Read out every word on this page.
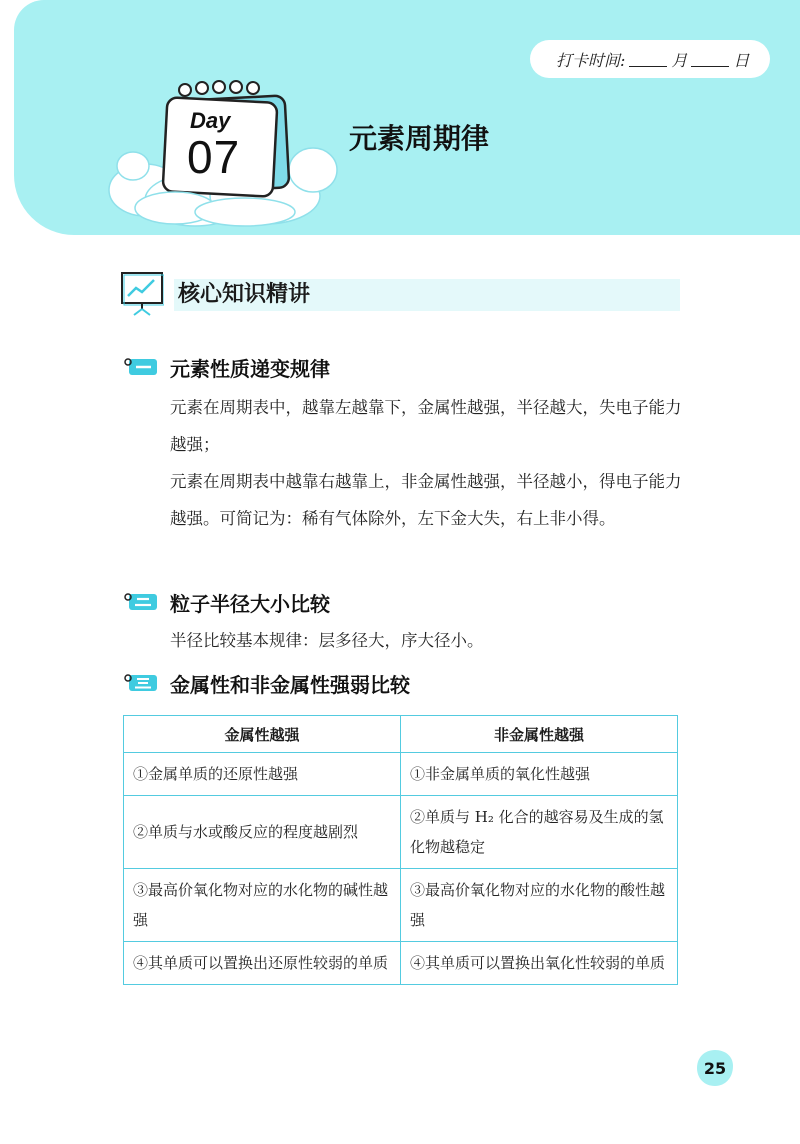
打卡时间:	月	日
Day
07	元素周期律
核心知识精讲
元素性质递变规律
元素在周期表中，越靠左越靠下，金属性越强，半径越大，失电子能力越强；
元素在周期表中越靠右越靠上，非金属性越强，半径越小，得电子能力越强。可简记为：稀有气体除外，左下金大失，右上非小得。
粒子半径大小比较
半径比较基本规律：层多径大，序大径小。
金属性和非金属性强弱比较
金属性越强	非金属性越强
①金属单质的还原性越强	①非金属单质的氧化性越强
②单质与水或酸反应的程度越剧烈	②单质与 H₂ 化合的越容易及生成的氢化物越稳定
③最高价氧化物对应的水化物的碱性越强	③最高价氧化物对应的水化物的酸性越强
④其单质可以置换出还原性较弱的单质	④其单质可以置换出氧化性较弱的单质
25
